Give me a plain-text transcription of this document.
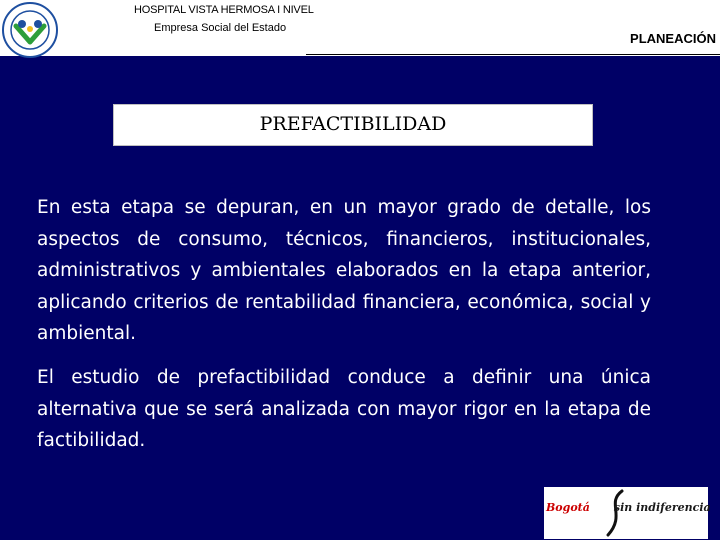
HOSPITAL VISTA HERMOSA I NIVEL
Empresa Social del Estado
PLANEACIÓN
PREFACTIBILIDAD

En esta etapa se depuran, en un mayor grado de detalle, los aspectos de consumo, técnicos, financieros, institucionales, administrativos y ambientales elaborados en la etapa anterior, aplicando criterios de rentabilidad financiera, económica, social y ambiental.

El estudio de prefactibilidad conduce a definir una única alternativa que se será analizada con mayor rigor en la etapa de factibilidad.

Bogotá sin indiferencia
